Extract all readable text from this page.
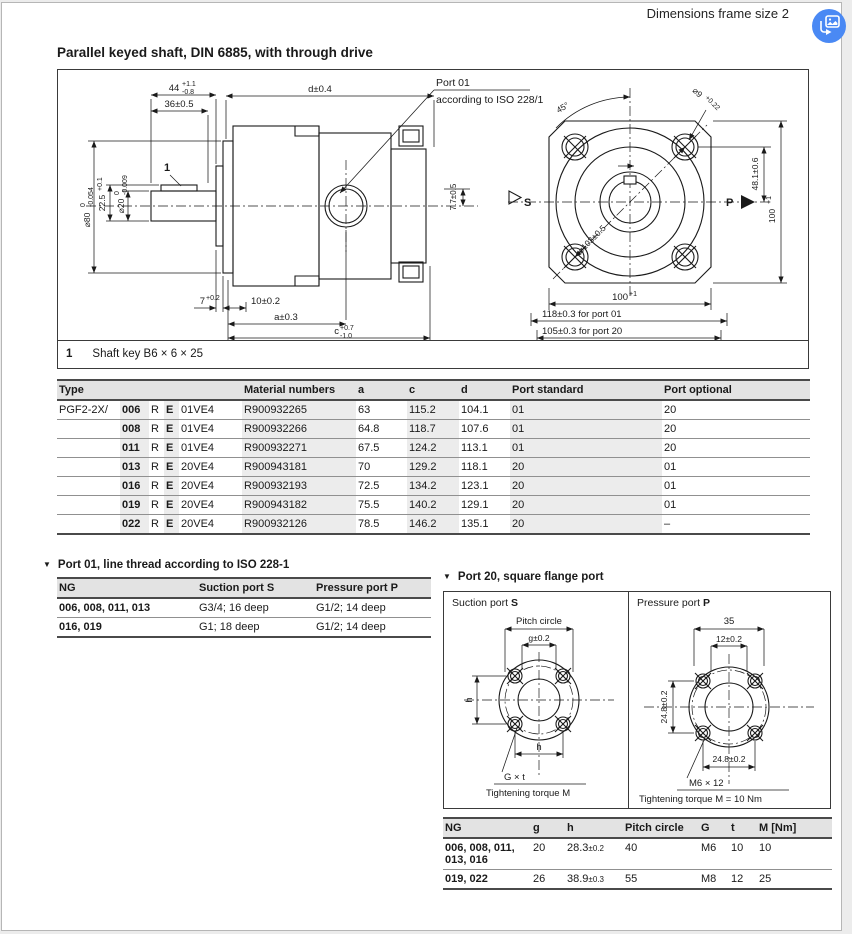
Dimensions frame size 2
Parallel keyed shaft, DIN 6885, with through drive
44 +1.1
-0.8
36±0.5
22.5
+0.1
⌀20
0 -0.009
⌀80
0 -0.054
1
d±0.4
Port 01
according to ISO 228/1
7.7±0.5
7 +0.2	10±0.2
a±0.3
c +0.7
-1.0
45°
⌀9
+0.22
⌀103±0.5
S	P
48.1±0.6
100
+1
100 +1
118±0.3 for port 01
105±0.3 for port 20
1 Shaft key B6 × 6 × 25
Type					Material numbers	a	c	d	Port standard	Port optional
PGF2-2X/	006	R	E	01VE4	R900932265	63	115.2	104.1	01	20
	008	R	E	01VE4	R900932266	64.8	118.7	107.6	01	20
	011	R	E	01VE4	R900932271	67.5	124.2	113.1	01	20
	013	R	E	20VE4	R900943181	70	129.2	118.1	20	01
	016	R	E	20VE4	R900932193	72.5	134.2	123.1	20	01
	019	R	E	20VE4	R900943182	75.5	140.2	129.1	20	01
	022	R	E	20VE4	R900932126	78.5	146.2	135.1	20	–
▼ Port 01, line thread according to ISO 228-1
NG	Suction port S	Pressure port P
006, 008, 011, 013	G3/4; 16 deep	G1/2; 14 deep
016, 019	G1; 18 deep	G1/2; 14 deep
▼ Port 20, square flange port
Suction port S
Pitch circle
g±0.2
h
h
G × t
Tightening torque M
Pressure port P
35
12±0.2
24.8±0.2
24.8±0.2
M6 × 12
Tightening torque M = 10 Nm
NG	g	h	Pitch circle	G	t	M [Nm]
006, 008, 011, 013, 016	20	28.3±0.2	40	M6	10	10
019, 022	26	38.9±0.3	55	M8	12	25
